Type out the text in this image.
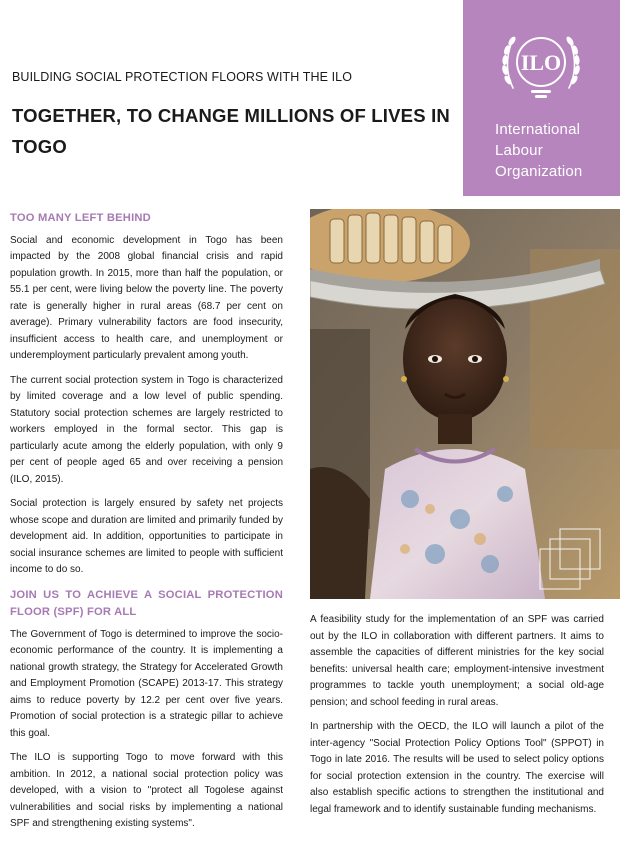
BUILDING SOCIAL PROTECTION FLOORS WITH THE ILO
TOGETHER, TO CHANGE MILLIONS OF LIVES IN TOGO
ILO
International
Labour
Organization
TOO MANY LEFT BEHIND

Social and economic development in Togo has been impacted by the 2008 global financial crisis and rapid population growth. In 2015, more than half the population, or 55.1 per cent, were living below the poverty line. The poverty rate is generally higher in rural areas (68.7 per cent on average). Primary vulnerability factors are food insecurity, insufficient access to health care, and unemployment or underemployment particularly prevalent among youth.

The current social protection system in Togo is characterized by limited coverage and a low level of public spending. Statutory social protection schemes are largely restricted to workers employed in the formal sector. This gap is particularly acute among the elderly population, with only 9 per cent of people aged 65 and over receiving a pension (ILO, 2015).

Social protection is largely ensured by safety net projects whose scope and duration are limited and primarily funded by development aid. In addition, opportunities to participate in social insurance schemes are limited to people with sufficient income to do so.

JOIN US TO ACHIEVE A SOCIAL PROTECTION FLOOR (SPF) FOR ALL

The Government of Togo is determined to improve the socio-economic performance of the country. It is implementing a national growth strategy, the Strategy for Accelerated Growth and Employment Promotion (SCAPE) 2013-17. This strategy aims to reduce poverty by 12.2 per cent over five years. Promotion of social protection is a strategic pillar to achieve this goal.

The ILO is supporting Togo to move forward with this ambition. In 2012, a national social protection policy was developed, with a vision to "protect all Togolese against vulnerabilities and social risks by implementing a national SPF and strengthening existing systems".

A feasibility study for the implementation of an SPF was carried out by the ILO in collaboration with different partners. It aims to assemble the capacities of different ministries for the key social benefits: universal health care; employment-intensive investment programmes to tackle youth unemployment; a social old-age pension; and school feeding in rural areas.

In partnership with the OECD, the ILO will launch a pilot of the inter-agency "Social Protection Policy Options Tool" (SPPOT) in Togo in late 2016. The results will be used to select policy options for social protection extension in the country. The exercise will also establish specific actions to strengthen the institutional and legal framework and to identify sustainable funding mechanisms.
